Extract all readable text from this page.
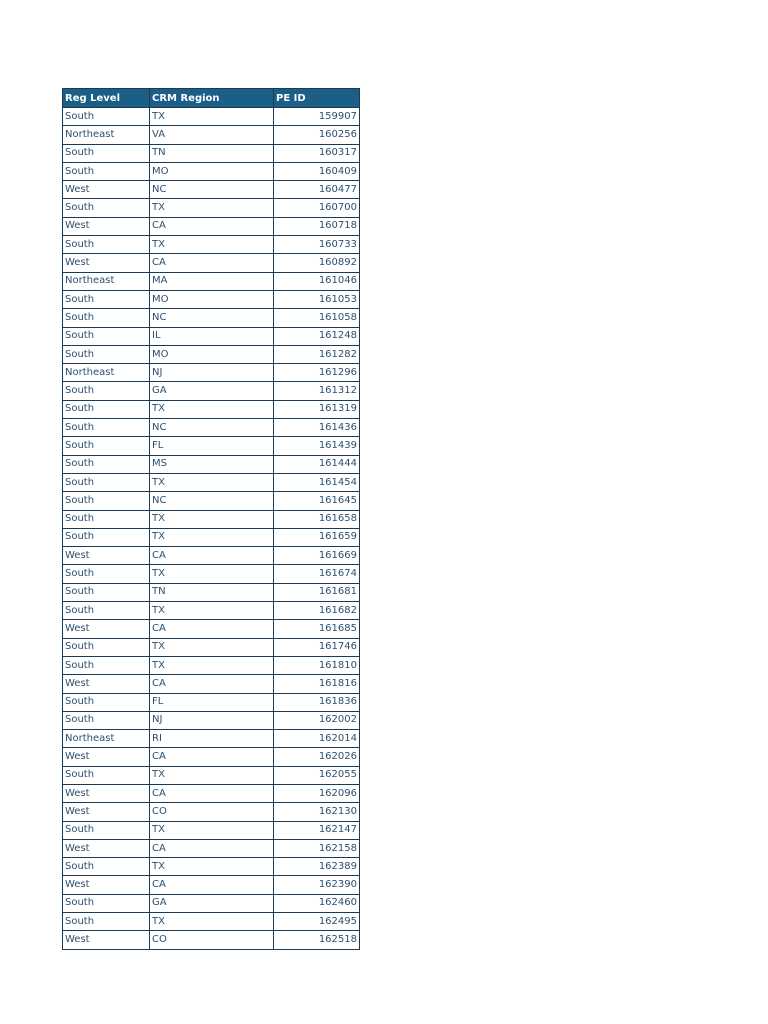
Reg Level	CRM Region	PE ID
South	TX	159907
Northeast	VA	160256
South	TN	160317
South	MO	160409
West	NC	160477
South	TX	160700
West	CA	160718
South	TX	160733
West	CA	160892
Northeast	MA	161046
South	MO	161053
South	NC	161058
South	IL	161248
South	MO	161282
Northeast	NJ	161296
South	GA	161312
South	TX	161319
South	NC	161436
South	FL	161439
South	MS	161444
South	TX	161454
South	NC	161645
South	TX	161658
South	TX	161659
West	CA	161669
South	TX	161674
South	TN	161681
South	TX	161682
West	CA	161685
South	TX	161746
South	TX	161810
West	CA	161816
South	FL	161836
South	NJ	162002
Northeast	RI	162014
West	CA	162026
South	TX	162055
West	CA	162096
West	CO	162130
South	TX	162147
West	CA	162158
South	TX	162389
West	CA	162390
South	GA	162460
South	TX	162495
West	CO	162518
